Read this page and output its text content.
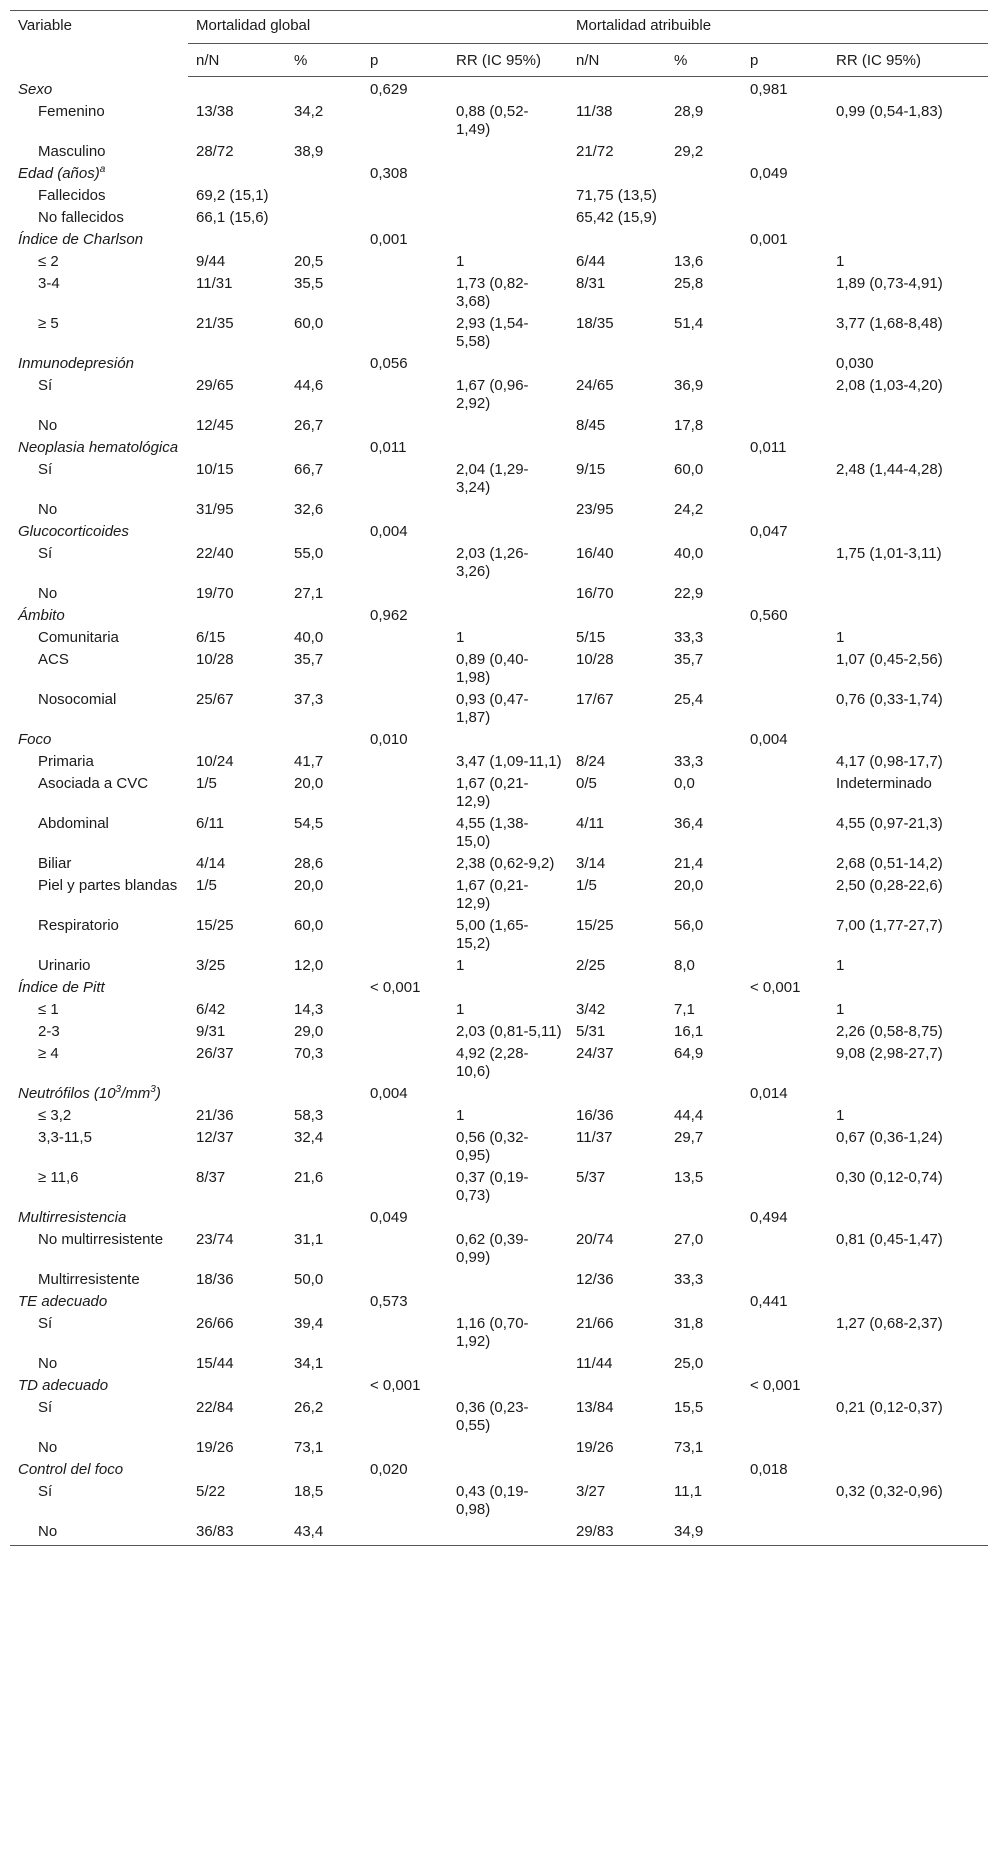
Variable	Mortalidad global				Mortalidad atribuible			
	n/N	%	p	RR (IC 95%)	n/N	%	p	RR (IC 95%)
Sexo			0,629				0,981	
Femenino	13/38	34,2		0,88 (0,52-1,49)	11/38	28,9		0,99 (0,54-1,83)
Masculino	28/72	38,9			21/72	29,2		
Edad (años)$^a$			0,308				0,049	
Fallecidos	69,2 (15,1)				71,75 (13,5)			
No fallecidos	66,1 (15,6)				65,42 (15,9)			
Índice de Charlson			0,001				0,001	
≤ 2	9/44	20,5		1	6/44	13,6		1
3-4	11/31	35,5		1,73 (0,82-3,68)	8/31	25,8		1,89 (0,73-4,91)
≥ 5	21/35	60,0		2,93 (1,54-5,58)	18/35	51,4		3,77 (1,68-8,48)
Inmunodepresión			0,056					0,030
Sí	29/65	44,6		1,67 (0,96-2,92)	24/65	36,9		2,08 (1,03-4,20)
No	12/45	26,7			8/45	17,8		
Neoplasia hematológica			0,011				0,011	
Sí	10/15	66,7		2,04 (1,29-3,24)	9/15	60,0		2,48 (1,44-4,28)
No	31/95	32,6			23/95	24,2		
Glucocorticoides			0,004				0,047	
Sí	22/40	55,0		2,03 (1,26-3,26)	16/40	40,0		1,75 (1,01-3,11)
No	19/70	27,1			16/70	22,9		
Ámbito			0,962				0,560	
Comunitaria	6/15	40,0		1	5/15	33,3		1
ACS	10/28	35,7		0,89 (0,40-1,98)	10/28	35,7		1,07 (0,45-2,56)
Nosocomial	25/67	37,3		0,93 (0,47-1,87)	17/67	25,4		0,76 (0,33-1,74)
Foco			0,010				0,004	
Primaria	10/24	41,7		3,47 (1,09-11,1)	8/24	33,3		4,17 (0,98-17,7)
Asociada a CVC	1/5	20,0		1,67 (0,21-12,9)	0/5	0,0		Indeterminado
Abdominal	6/11	54,5		4,55 (1,38-15,0)	4/11	36,4		4,55 (0,97-21,3)
Biliar	4/14	28,6		2,38 (0,62-9,2)	3/14	21,4		2,68 (0,51-14,2)
Piel y partes blandas	1/5	20,0		1,67 (0,21-12,9)	1/5	20,0		2,50 (0,28-22,6)
Respiratorio	15/25	60,0		5,00 (1,65-15,2)	15/25	56,0		7,00 (1,77-27,7)
Urinario	3/25	12,0		1	2/25	8,0		1
Índice de Pitt			< 0,001				< 0,001	
≤ 1	6/42	14,3		1	3/42	7,1		1
2-3	9/31	29,0		2,03 (0,81-5,11)	5/31	16,1		2,26 (0,58-8,75)
≥ 4	26/37	70,3		4,92 (2,28-10,6)	24/37	64,9		9,08 (2,98-27,7)
Neutrófilos $(10^3/mm^3)$			0,004				0,014	
≤ 3,2	21/36	58,3		1	16/36	44,4		1
3,3-11,5	12/37	32,4		0,56 (0,32-0,95)	11/37	29,7		0,67 (0,36-1,24)
≥ 11,6	8/37	21,6		0,37 (0,19-0,73)	5/37	13,5		0,30 (0,12-0,74)
Multirresistencia			0,049				0,494	
No multirresistente	23/74	31,1		0,62 (0,39-0,99)	20/74	27,0		0,81 (0,45-1,47)
Multirresistente	18/36	50,0			12/36	33,3		
TE adecuado			0,573				0,441	
Sí	26/66	39,4		1,16 (0,70-1,92)	21/66	31,8		1,27 (0,68-2,37)
No	15/44	34,1			11/44	25,0		
TD adecuado			< 0,001				< 0,001	
Sí	22/84	26,2		0,36 (0,23-0,55)	13/84	15,5		0,21 (0,12-0,37)
No	19/26	73,1			19/26	73,1		
Control del foco			0,020				0,018	
Sí	5/22	18,5		0,43 (0,19-0,98)	3/27	11,1		0,32 (0,32-0,96)
No	36/83	43,4			29/83	34,9		
